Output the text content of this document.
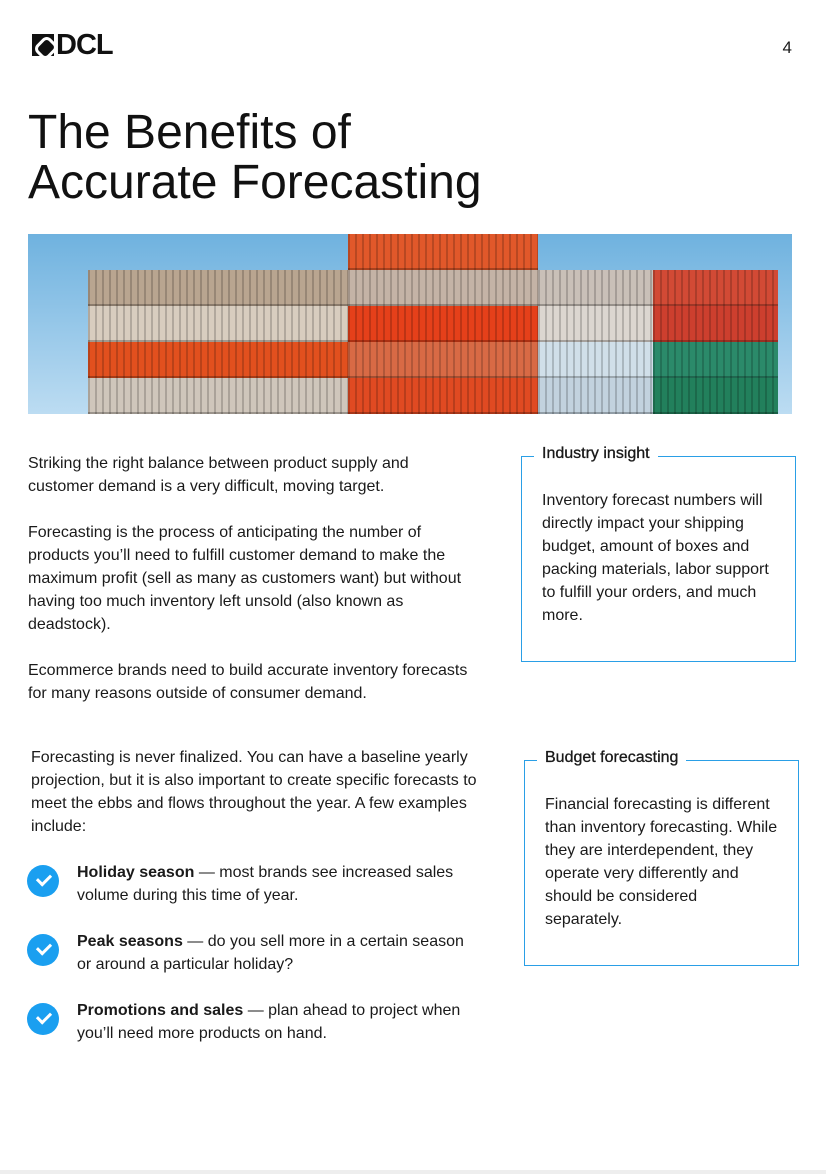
DCL	4
The Benefits of
Accurate Forecasting

Striking the right balance between product supply and customer demand is a very difficult, moving target.

Forecasting is the process of anticipating the number of products you’ll need to fulfill customer demand to make the maximum profit (sell as many as customers want) but without having too much inventory left unsold (also known as deadstock).

Ecommerce brands need to build accurate inventory forecasts for many reasons outside of consumer demand.

Industry insight

Inventory forecast numbers will directly impact your shipping budget, amount of boxes and packing materials, labor support to fulfill your orders, and much more.

Budget forecasting

Financial forecasting is different than inventory forecasting. While they are interdependent, they operate very differently and should be considered separately.

Forecasting is never finalized. You can have a baseline yearly projection, but it is also important to create specific forecasts to meet the ebbs and flows throughout the year. A few examples include:

Holiday season — most brands see increased sales volume during this time of year.

Peak seasons — do you sell more in a certain season or around a particular holiday?

Promotions and sales — plan ahead to project when you’ll need more products on hand.
